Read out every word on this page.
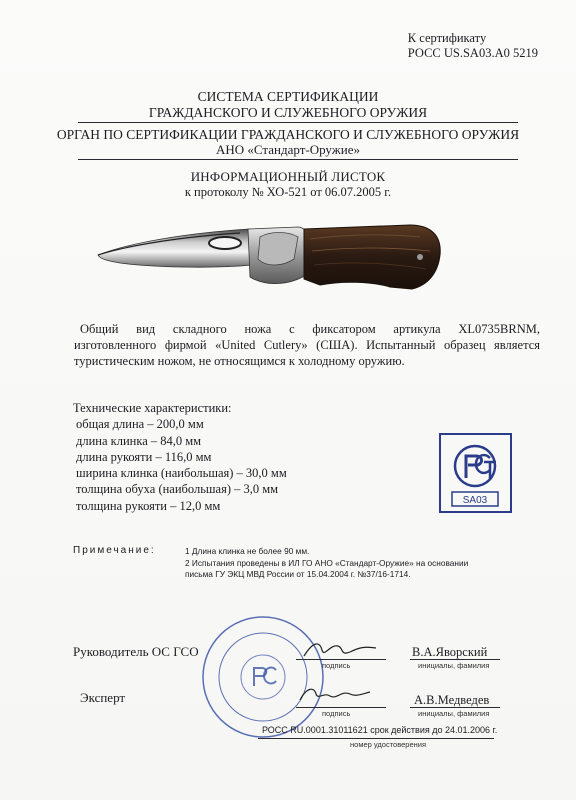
К сертификату
РОСС US.SA03.А0 5219
СИСТЕМА СЕРТИФИКАЦИИ
ГРАЖДАНСКОГО И СЛУЖЕБНОГО ОРУЖИЯ
ОРГАН ПО СЕРТИФИКАЦИИ ГРАЖДАНСКОГО И СЛУЖЕБНОГО ОРУЖИЯ
АНО «Стандарт-Оружие»
ИНФОРМАЦИОННЫЙ ЛИСТОК
к протоколу № ХО-521 от 06.07.2005 г.
Общий вид складного ножа с фиксатором артикула XL0735BRNM,
изготовленного фирмой «United Cutlery» (США). Испытанный образец является
туристическим ножом, не относящимся к холодному оружию.
Технические характеристики:
общая длина – 200,0 мм
длина клинка – 84,0 мм
длина рукояти – 116,0 мм
ширина клинка (наибольшая) – 30,0 мм
толщина обуха (наибольшая) – 3,0 мм
толщина рукояти – 12,0 мм	SA03
Примечание:	1 Длина клинка не более 90 мм.
2 Испытания проведены в ИЛ ГО АНО «Стандарт-Оружие» на основании
письма ГУ ЭКЦ МВД России от 15.04.2004 г. №37/16-1714.
Руководитель ОС ГСО
подпись
В.А.Яворский
инициалы, фамилия
Эксперт
подпись
А.В.Медведев
инициалы, фамилия
РОСС RU.0001.31011621 срок действия до 24.01.2006 г.
номер удостоверения
